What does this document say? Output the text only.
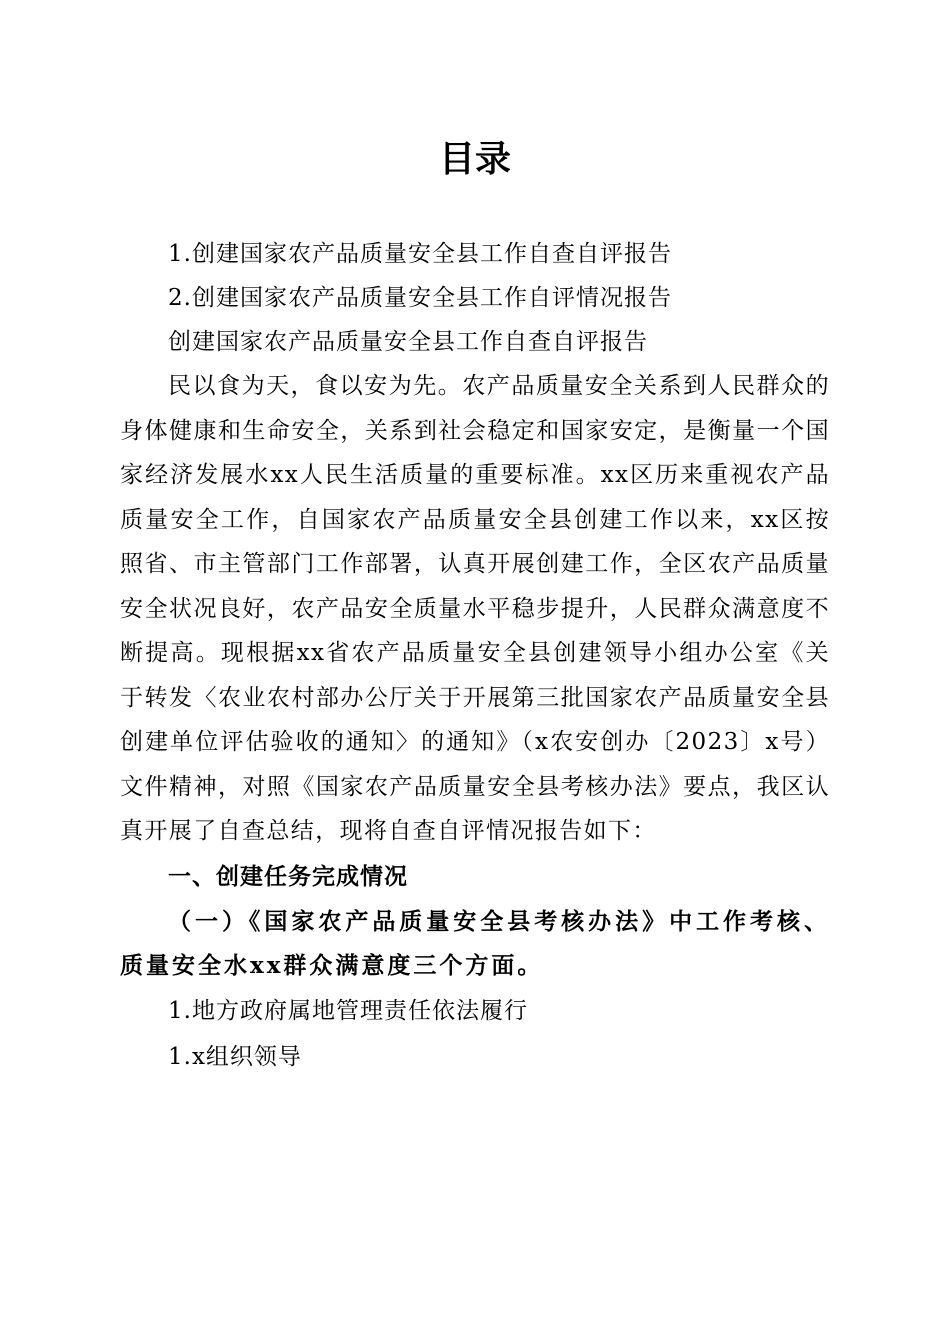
目录
1.创建国家农产品质量安全县工作自查自评报告
2.创建国家农产品质量安全县工作自评情况报告
创建国家农产品质量安全县工作自查自评报告

民以食为天，食以安为先。农产品质量安全关系到人民群众的身体健康和生命安全，关系到社会稳定和国家安定，是衡量一个国家经济发展水xx人民生活质量的重要标准。xx区历来重视农产品质量安全工作，自国家农产品质量安全县创建工作以来，xx区按照省、市主管部门工作部署，认真开展创建工作，全区农产品质量安全状况良好，农产品安全质量水平稳步提升，人民群众满意度不断提高。现根据xx省农产品质量安全县创建领导小组办公室《关于转发〈农业农村部办公厅关于开展第三批国家农产品质量安全县创建单位评估验收的通知〉的通知》（x农安创办〔2023〕x号）文件精神，对照《国家农产品质量安全县考核办法》要点，我区认真开展了自查总结，现将自查自评情况报告如下：

一、创建任务完成情况

（一）《国家农产品质量安全县考核办法》中工作考核、质量安全水xx群众满意度三个方面。

1.地方政府属地管理责任依法履行

1.x组织领导
